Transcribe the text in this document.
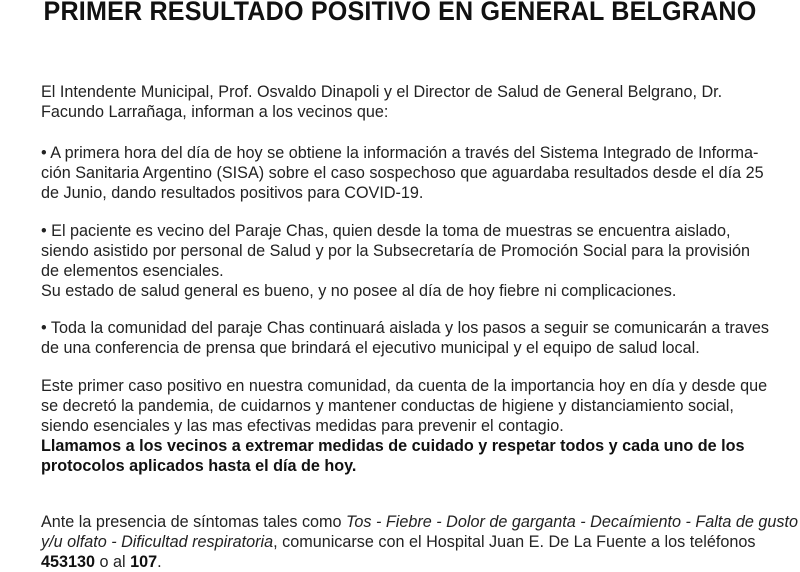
PRIMER RESULTADO POSITIVO EN GENERAL BELGRANO
El Intendente Municipal, Prof. Osvaldo Dinapoli y el Director de Salud de General Belgrano, Dr.
Facundo Larrañaga, informan a los vecinos que:
• A primera hora del día de hoy se obtiene la información a través del Sistema Integrado de Informa-
ción Sanitaria Argentino (SISA) sobre el caso sospechoso que aguardaba resultados desde el día 25
de Junio, dando resultados positivos para COVID-19.
• El paciente es vecino del Paraje Chas, quien desde la toma de muestras se encuentra aislado,
siendo asistido por personal de Salud y por la Subsecretaría de Promoción Social para la provisión
de elementos esenciales.
Su estado de salud general es bueno, y no posee al día de hoy fiebre ni complicaciones.
• Toda la comunidad del paraje Chas continuará aislada y los pasos a seguir se comunicarán a traves
de una conferencia de prensa que brindará el ejecutivo municipal y el equipo de salud local.
Este primer caso positivo en nuestra comunidad, da cuenta de la importancia hoy en día y desde que
se decretó la pandemia, de cuidarnos y mantener conductas de higiene y distanciamiento social,
siendo esenciales y las mas efectivas medidas para prevenir el contagio.
Llamamos a los vecinos a extremar medidas de cuidado y respetar todos y cada uno de los
protocolos aplicados hasta el día de hoy.
Ante la presencia de síntomas tales como Tos - Fiebre - Dolor de garganta - Decaímiento - Falta de gusto
y/u olfato - Dificultad respiratoria, comunicarse con el Hospital Juan E. De La Fuente a los teléfonos
453130 o al 107.
